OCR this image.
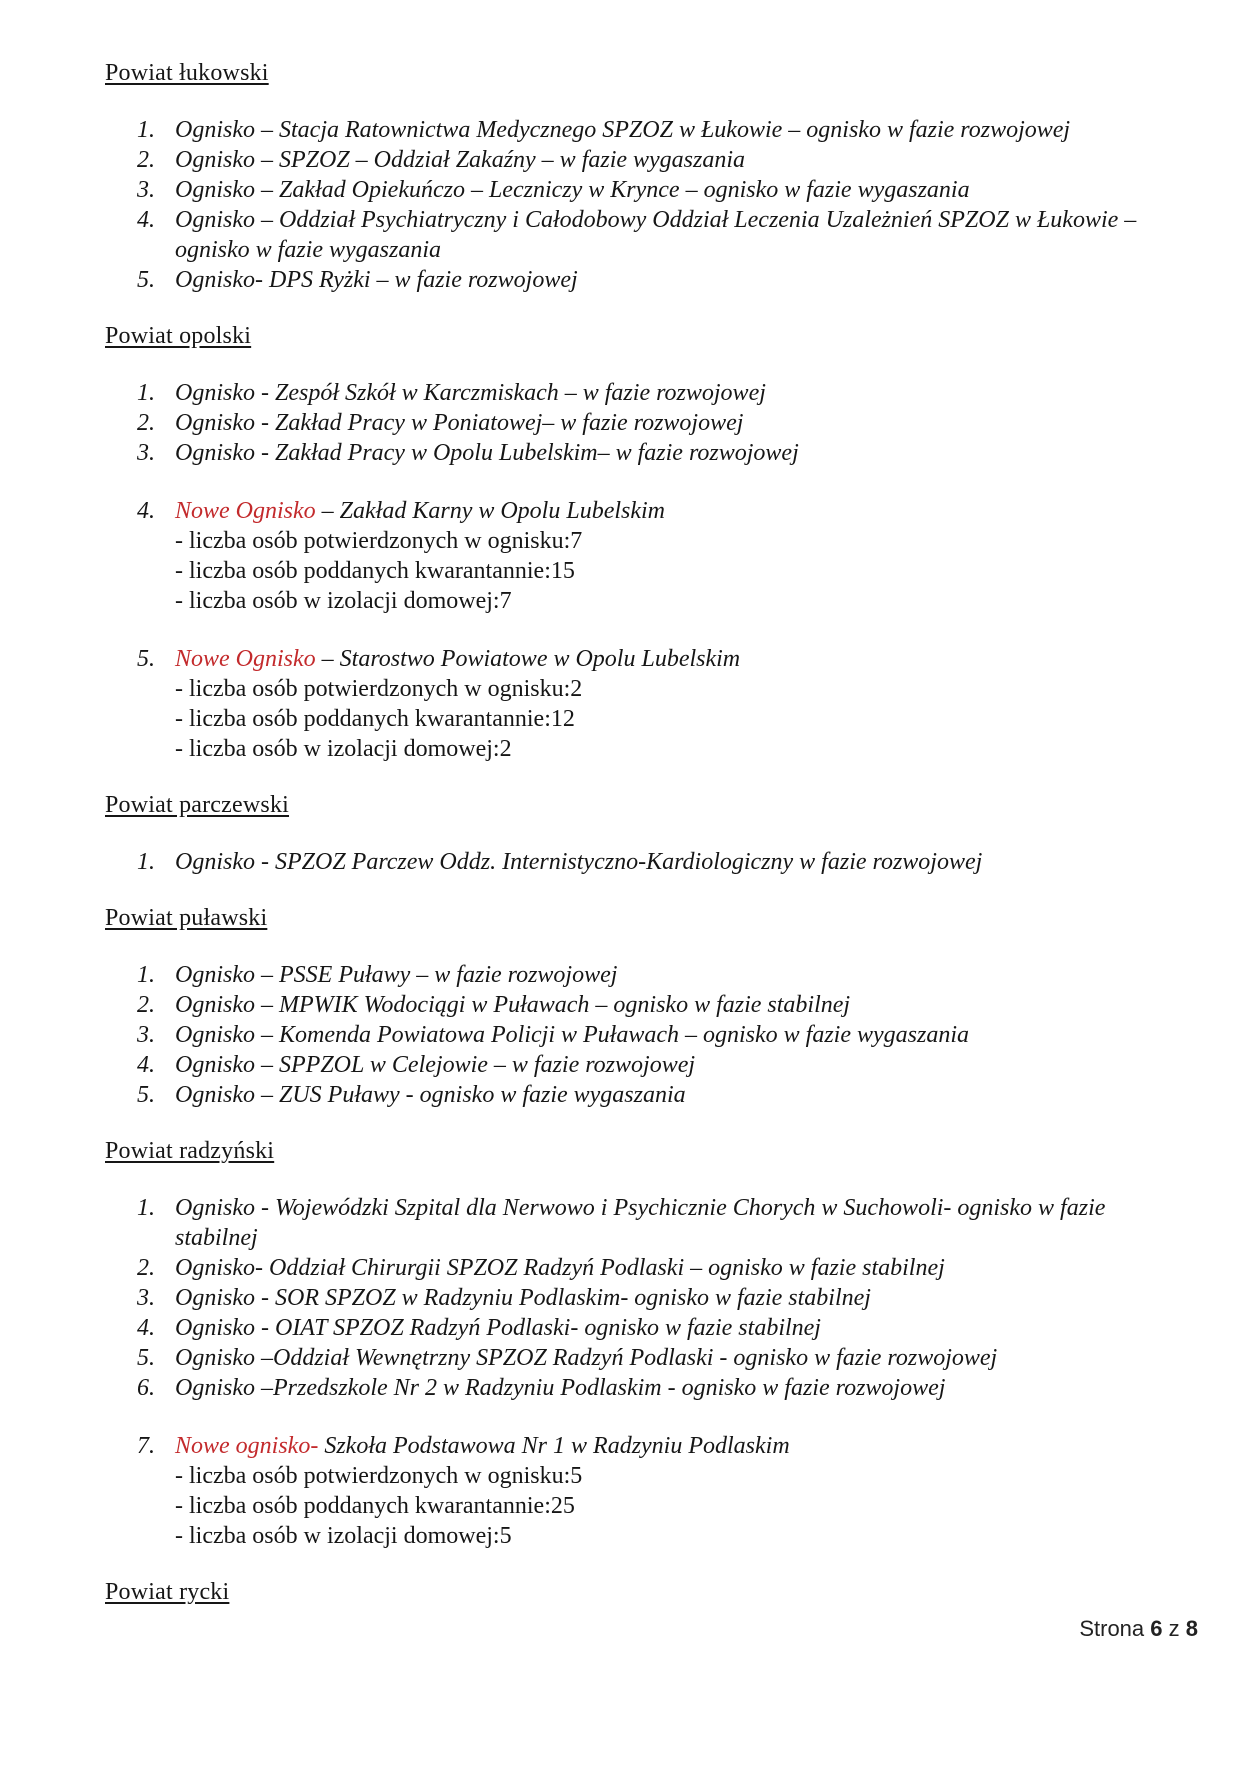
Powiat łukowski
1. Ognisko – Stacja Ratownictwa Medycznego SPZOZ w Łukowie – ognisko w fazie rozwojowej
2. Ognisko – SPZOZ – Oddział Zakaźny – w fazie wygaszania
3. Ognisko – Zakład Opiekuńczo – Leczniczy w Krynce – ognisko w fazie wygaszania
4. Ognisko – Oddział Psychiatryczny i Całodobowy Oddział Leczenia Uzależnień SPZOZ w Łukowie – ognisko w fazie wygaszania
5. Ognisko- DPS Ryżki – w fazie rozwojowej
Powiat opolski
1. Ognisko - Zespół Szkół w Karczmiskach – w fazie rozwojowej
2. Ognisko - Zakład Pracy w Poniatowej– w fazie rozwojowej
3. Ognisko - Zakład Pracy w Opolu Lubelskim– w fazie rozwojowej
4. Nowe Ognisko – Zakład Karny w Opolu Lubelskim
- liczba osób potwierdzonych w ognisku:7
- liczba osób poddanych kwarantannie:15
- liczba osób w izolacji domowej:7
5. Nowe Ognisko – Starostwo Powiatowe w Opolu Lubelskim
- liczba osób potwierdzonych w ognisku:2
- liczba osób poddanych kwarantannie:12
- liczba osób w izolacji domowej:2
Powiat parczewski
1. Ognisko - SPZOZ Parczew Oddz. Internistyczno-Kardiologiczny w fazie rozwojowej
Powiat puławski
1. Ognisko – PSSE Puławy – w fazie rozwojowej
2. Ognisko – MPWIK Wodociągi w Puławach – ognisko w fazie stabilnej
3. Ognisko – Komenda Powiatowa Policji w Puławach – ognisko w fazie wygaszania
4. Ognisko – SPPZOL w Celejowie – w fazie rozwojowej
5. Ognisko – ZUS Puławy - ognisko w fazie wygaszania
Powiat radzyński
1. Ognisko - Wojewódzki Szpital dla Nerwowo i Psychicznie Chorych w Suchowoli- ognisko w fazie stabilnej
2. Ognisko- Oddział Chirurgii SPZOZ Radzyń Podlaski – ognisko w fazie stabilnej
3. Ognisko - SOR SPZOZ w Radzyniu Podlaskim- ognisko w fazie stabilnej
4. Ognisko - OIAT SPZOZ Radzyń Podlaski- ognisko w fazie stabilnej
5. Ognisko –Oddział Wewnętrzny SPZOZ Radzyń Podlaski - ognisko w fazie rozwojowej
6. Ognisko –Przedszkole Nr 2 w Radzyniu Podlaskim - ognisko w fazie rozwojowej
7. Nowe ognisko- Szkoła Podstawowa Nr 1 w Radzyniu Podlaskim
- liczba osób potwierdzonych w ognisku:5
- liczba osób poddanych kwarantannie:25
- liczba osób w izolacji domowej:5
Powiat rycki
Strona 6 z 8
